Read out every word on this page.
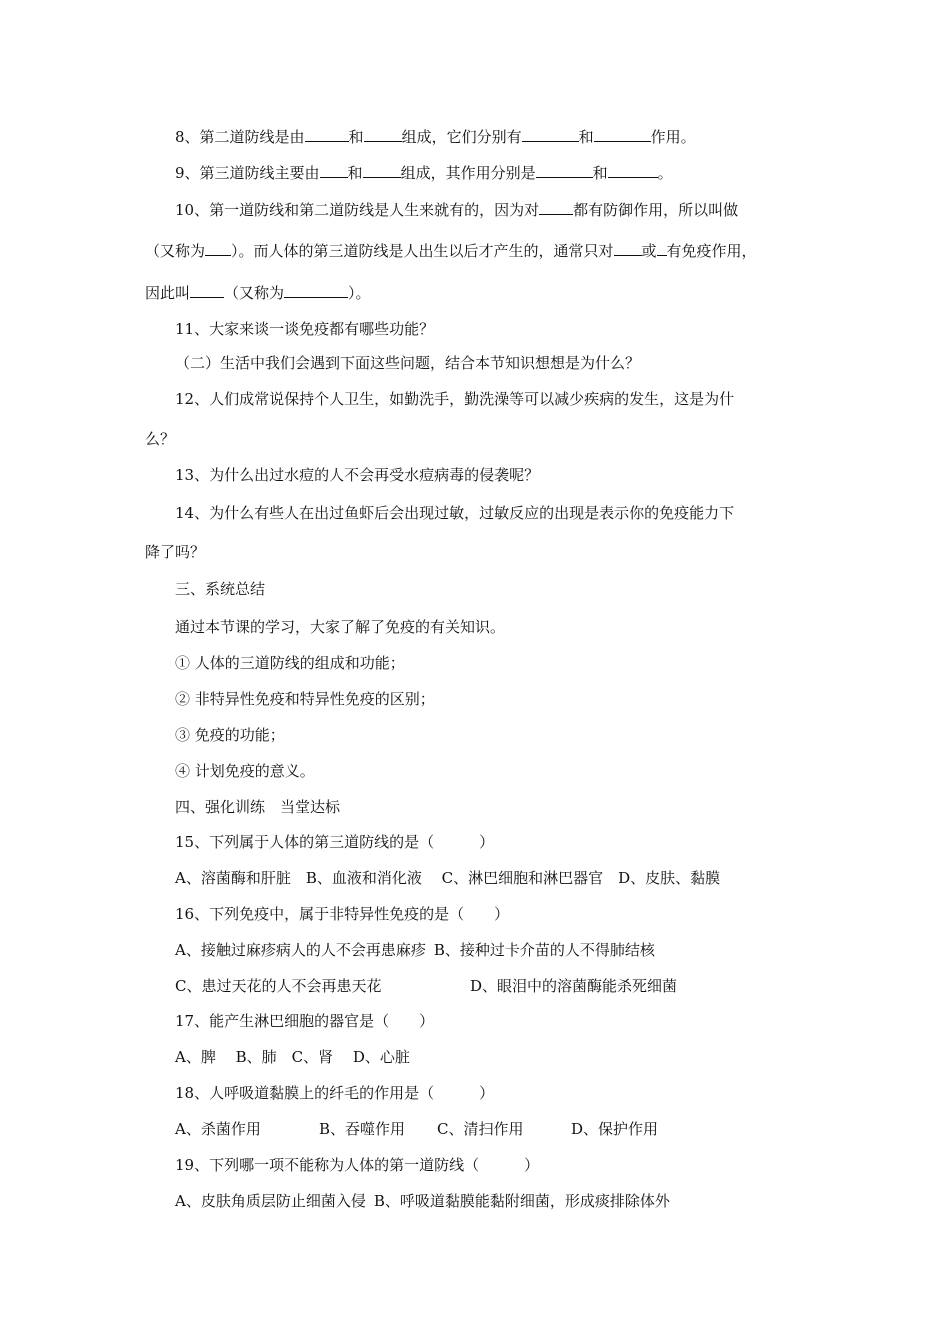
8、第二道防线是由	和	组成，它们分别有	和	作用。
9、第三道防线主要由 和	组成，其作用分别是	和	。
10、第一道防线和第二道防线是人生来就有的，因为对 都有防御作用，所以叫做
（又称为 ）。而人体的第三道防线是人出生以后才产生的，通常只对 或 有免疫作用，
因此叫 （又称为	）。
11、大家来谈一谈免疫都有哪些功能？
（二）生活中我们会遇到下面这些问题，结合本节知识想想是为什么？
12、人们成常说保持个人卫生，如勤洗手，勤洗澡等可以减少疾病的发生，这是为什
么？
13、为什么出过水痘的人不会再受水痘病毒的侵袭呢？
14、为什么有些人在出过鱼虾后会出现过敏，过敏反应的出现是表示你的免疫能力下
降了吗？
三、系统总结
通过本节课的学习，大家了解了免疫的有关知识。
① 人体的三道防线的组成和功能；
② 非特异性免疫和特异性免疫的区别；
③ 免疫的功能；
④ 计划免疫的意义。
四、强化训练　当堂达标
15、下列属于人体的第三道防线的是（　　　）
A、溶菌酶和肝脏　B、血液和消化液　 C、淋巴细胞和淋巴器官　D、皮肤、黏膜
16、下列免疫中，属于非特异性免疫的是（　　）
A、接触过麻疹病人的人不会再患麻疹 B、接种过卡介苗的人不得肺结核
C、患过天花的人不会再患天花	D、眼泪中的溶菌酶能杀死细菌
17、能产生淋巴细胞的器官是（　　）
A、脾　 B、肺　C、肾　 D、心脏
18、人呼吸道黏膜上的纤毛的作用是（　　　）
A、杀菌作用	B、吞噬作用 C、清扫作用	D、保护作用
19、下列哪一项不能称为人体的第一道防线（　　　）
A、皮肤角质层防止细菌入侵 B、呼吸道黏膜能黏附细菌，形成痰排除体外
